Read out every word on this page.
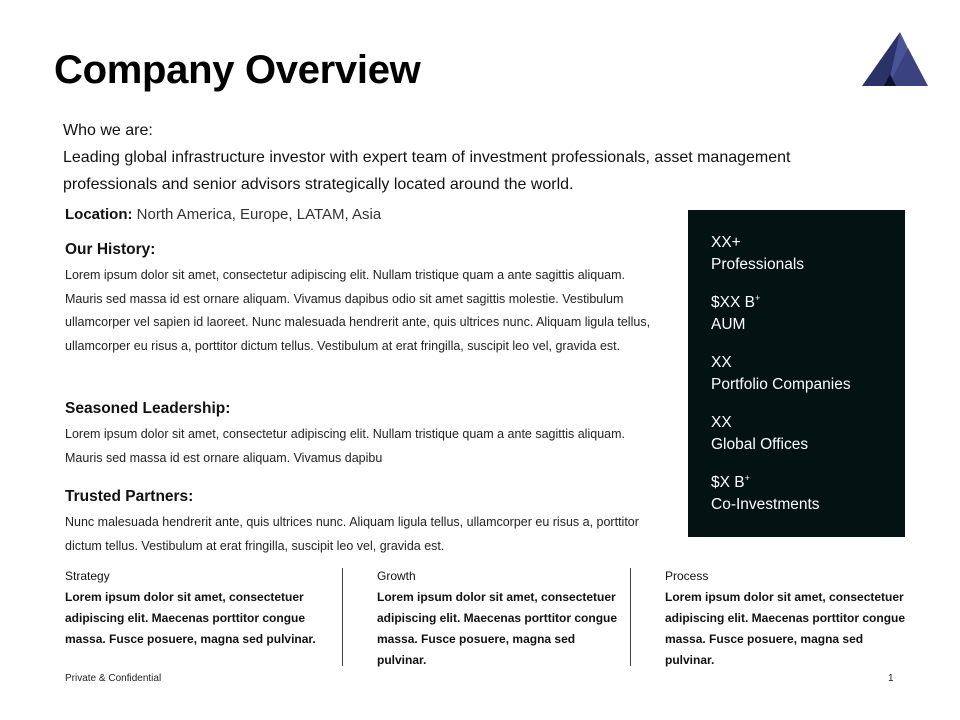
Company Overview
Who we are:
Leading global infrastructure investor with expert team of investment professionals, asset management professionals and senior advisors strategically located around the world.
Location: North America, Europe, LATAM, Asia
Our History:
Lorem ipsum dolor sit amet, consectetur adipiscing elit. Nullam tristique quam a ante sagittis aliquam. Mauris sed massa id est ornare aliquam. Vivamus dapibus odio sit amet sagittis molestie. Vestibulum ullamcorper vel sapien id laoreet. Nunc malesuada hendrerit ante, quis ultrices nunc. Aliquam ligula tellus, ullamcorper eu risus a, porttitor dictum tellus. Vestibulum at erat fringilla, suscipit leo vel, gravida est.
Seasoned Leadership:
Lorem ipsum dolor sit amet, consectetur adipiscing elit. Nullam tristique quam a ante sagittis aliquam. Mauris sed massa id est ornare aliquam. Vivamus dapibu
Trusted Partners:
Nunc malesuada hendrerit ante, quis ultrices nunc. Aliquam ligula tellus, ullamcorper eu risus a, porttitor dictum tellus. Vestibulum at erat fringilla, suscipit leo vel, gravida est.
XX+
Professionals
$XX B+
AUM
XX
Portfolio Companies
XX
Global Offices
$X B+
Co-Investments
Strategy
Lorem ipsum dolor sit amet, consectetuer adipiscing elit. Maecenas porttitor congue massa. Fusce posuere, magna sed pulvinar.
Growth
Lorem ipsum dolor sit amet, consectetuer adipiscing elit. Maecenas porttitor congue massa. Fusce posuere, magna sed pulvinar.
Process
Lorem ipsum dolor sit amet, consectetuer adipiscing elit. Maecenas porttitor congue massa. Fusce posuere, magna sed pulvinar.
Private & Confidential	1
